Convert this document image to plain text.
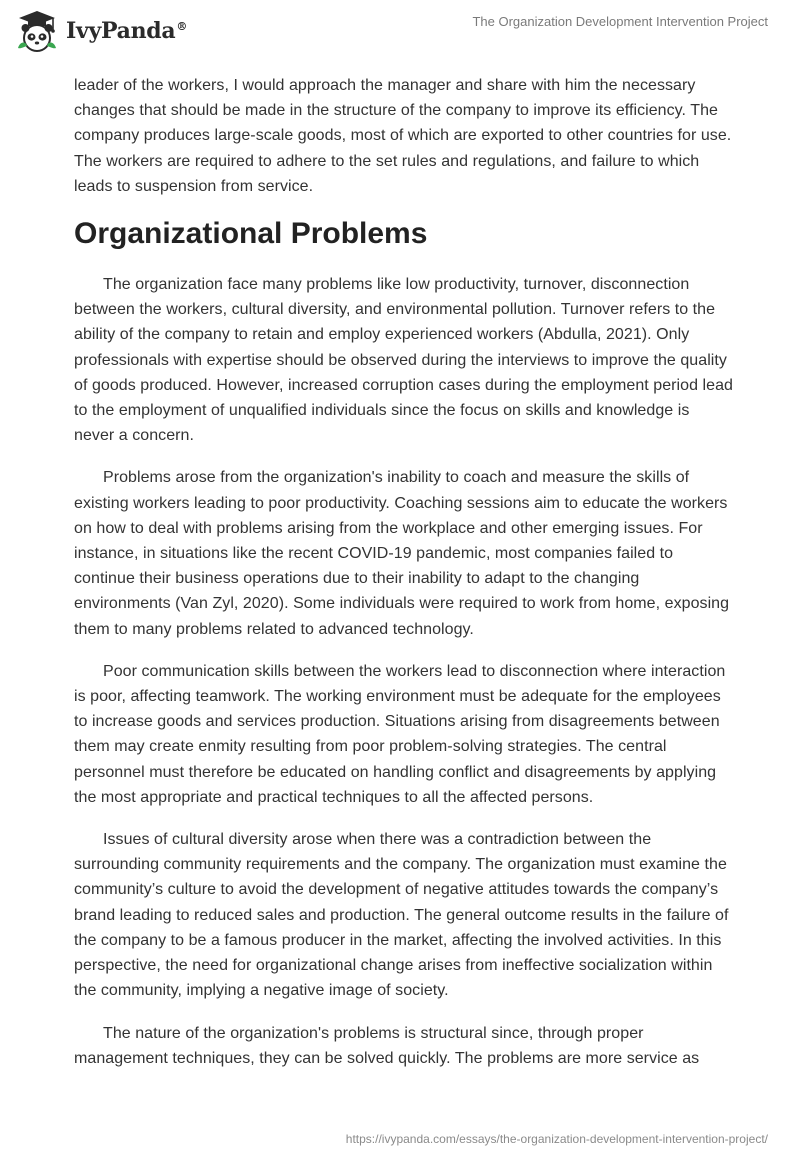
IvyPanda®	The Organization Development Intervention Project

leader of the workers, I would approach the manager and share with him the necessary changes that should be made in the structure of the company to improve its efficiency. The company produces large-scale goods, most of which are exported to other countries for use. The workers are required to adhere to the set rules and regulations, and failure to which leads to suspension from service.

Organizational Problems

The organization face many problems like low productivity, turnover, disconnection between the workers, cultural diversity, and environmental pollution. Turnover refers to the ability of the company to retain and employ experienced workers (Abdulla, 2021). Only professionals with expertise should be observed during the interviews to improve the quality of goods produced. However, increased corruption cases during the employment period lead to the employment of unqualified individuals since the focus on skills and knowledge is never a concern.

Problems arose from the organization's inability to coach and measure the skills of existing workers leading to poor productivity. Coaching sessions aim to educate the workers on how to deal with problems arising from the workplace and other emerging issues. For instance, in situations like the recent COVID-19 pandemic, most companies failed to continue their business operations due to their inability to adapt to the changing environments (Van Zyl, 2020). Some individuals were required to work from home, exposing them to many problems related to advanced technology.

Poor communication skills between the workers lead to disconnection where interaction is poor, affecting teamwork. The working environment must be adequate for the employees to increase goods and services production. Situations arising from disagreements between them may create enmity resulting from poor problem-solving strategies. The central personnel must therefore be educated on handling conflict and disagreements by applying the most appropriate and practical techniques to all the affected persons.

Issues of cultural diversity arose when there was a contradiction between the surrounding community requirements and the company. The organization must examine the community’s culture to avoid the development of negative attitudes towards the company’s brand leading to reduced sales and production. The general outcome results in the failure of the company to be a famous producer in the market, affecting the involved activities. In this perspective, the need for organizational change arises from ineffective socialization within the community, implying a negative image of society.

The nature of the organization's problems is structural since, through proper management techniques, they can be solved quickly. The problems are more service as

https://ivypanda.com/essays/the-organization-development-intervention-project/
